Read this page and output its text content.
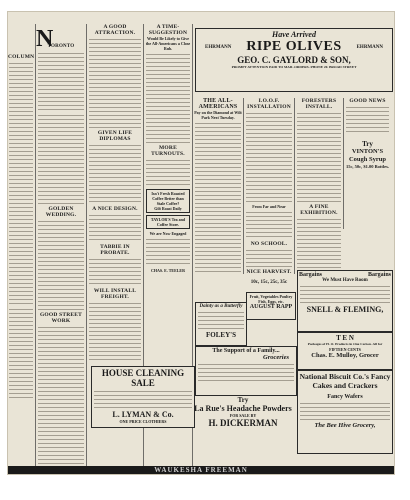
N
COLUMN
TORONTO
GOLDEN WEDDING.
GOOD STREET WORK
A GOOD ATTRACTION.
GIVEN LIFE DIPLOMAS
A NICE DESIGN.
TABBIE IN PROBATE.
WILL INSTALL FREIGHT.
A TIME-SUGGESTION
Would Be Likely to Give the All-Americans a Close Rub.
MORE TURNOUTS.
Isn't Fresh Roasted Coffee Better than Stale Coffee?
Gilt Roast Daily
TAYLOR'S Tea and Coffee Store.
We are Now Engaged
CHAS. E. TEELER
HOUSE CLEANING SALE
L. LYMAN & Co.
ONE PRICE CLOTHIERS
Have Arrived
EHRMANN RIPE OLIVES	EHRMANN
GEO. C. GAYLORD & SON,
PROMPT ATTENTION PAID TO MAIL ORDERS. PHONE 20. BROAD STREET
THE ALL-AMERICANS
Pay on the Diamond at Wilt Park Next Tuesday.
I.O.O.F. INSTALLATION
From Far and Near
NO SCHOOL.
NICE HARVEST.
FORESTERS INSTALL.
A FINE EXHIBITION.
GOOD NEWS
Try
VINTON'S Cough Syrup
15c, 50c, $1.00 Bottles.
10c, 15c, 25c, 35c
Fruit, Vegetables Poultry Fish, Eggs, etc.
AUGUST RAPP
Bargains	Bargains
We Must Have Room
SNELL & FLEMING,
T E N
Packages of H. O. Products in One Carton. All for
FIFTEEN CENTS
Chas. E. Mulloy, Grocer
National Biscuit Co.'s Fancy Cakes and Crackers
Fancy Wafers
The Bee Hive Grocery,
Dainty as a Butterfly
FOLEY'S
The Support of a Family...
Groceries
Try
La Rue's Headache Powders
FOR SALE BY
H. DICKERMAN
WAUKESHA FREEMAN
